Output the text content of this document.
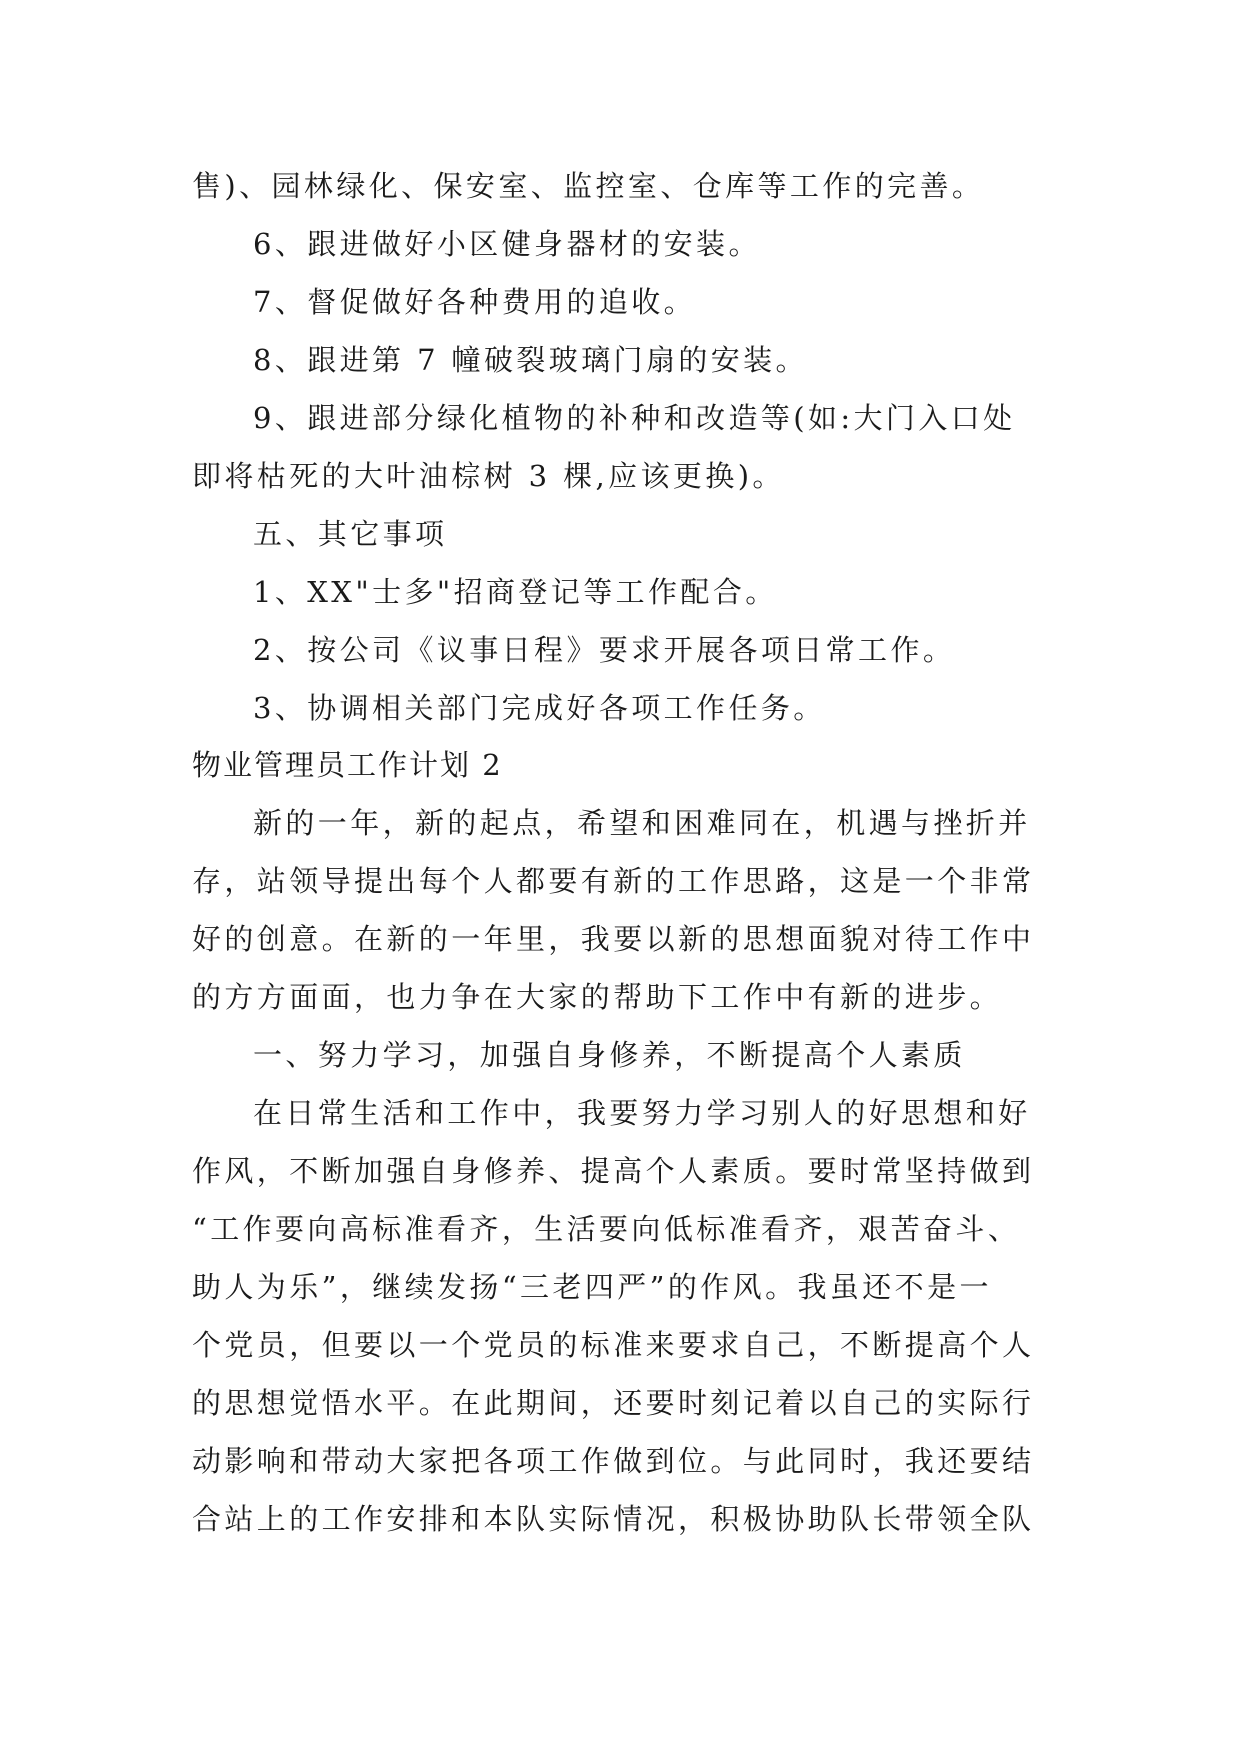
售)、园林绿化、保安室、监控室、仓库等工作的完善。
6、跟进做好小区健身器材的安装。
7、督促做好各种费用的追收。
8、跟进第 7 幢破裂玻璃门扇的安装。
9、跟进部分绿化植物的补种和改造等(如:大门入口处
即将枯死的大叶油棕树 3 棵,应该更换)。
五、其它事项
1、XX"士多"招商登记等工作配合。
2、按公司《议事日程》要求开展各项日常工作。
3、协调相关部门完成好各项工作任务。
物业管理员工作计划 2
新的一年，新的起点，希望和困难同在，机遇与挫折并
存，站领导提出每个人都要有新的工作思路，这是一个非常
好的创意。在新的一年里，我要以新的思想面貌对待工作中
的方方面面，也力争在大家的帮助下工作中有新的进步。
一、努力学习，加强自身修养，不断提高个人素质
在日常生活和工作中，我要努力学习别人的好思想和好
作风，不断加强自身修养、提高个人素质。要时常坚持做到
“工作要向高标准看齐，生活要向低标准看齐，艰苦奋斗、
助人为乐”，继续发扬“三老四严”的作风。我虽还不是一
个党员，但要以一个党员的标准来要求自己，不断提高个人
的思想觉悟水平。在此期间，还要时刻记着以自己的实际行
动影响和带动大家把各项工作做到位。与此同时，我还要结
合站上的工作安排和本队实际情况，积极协助队长带领全队
